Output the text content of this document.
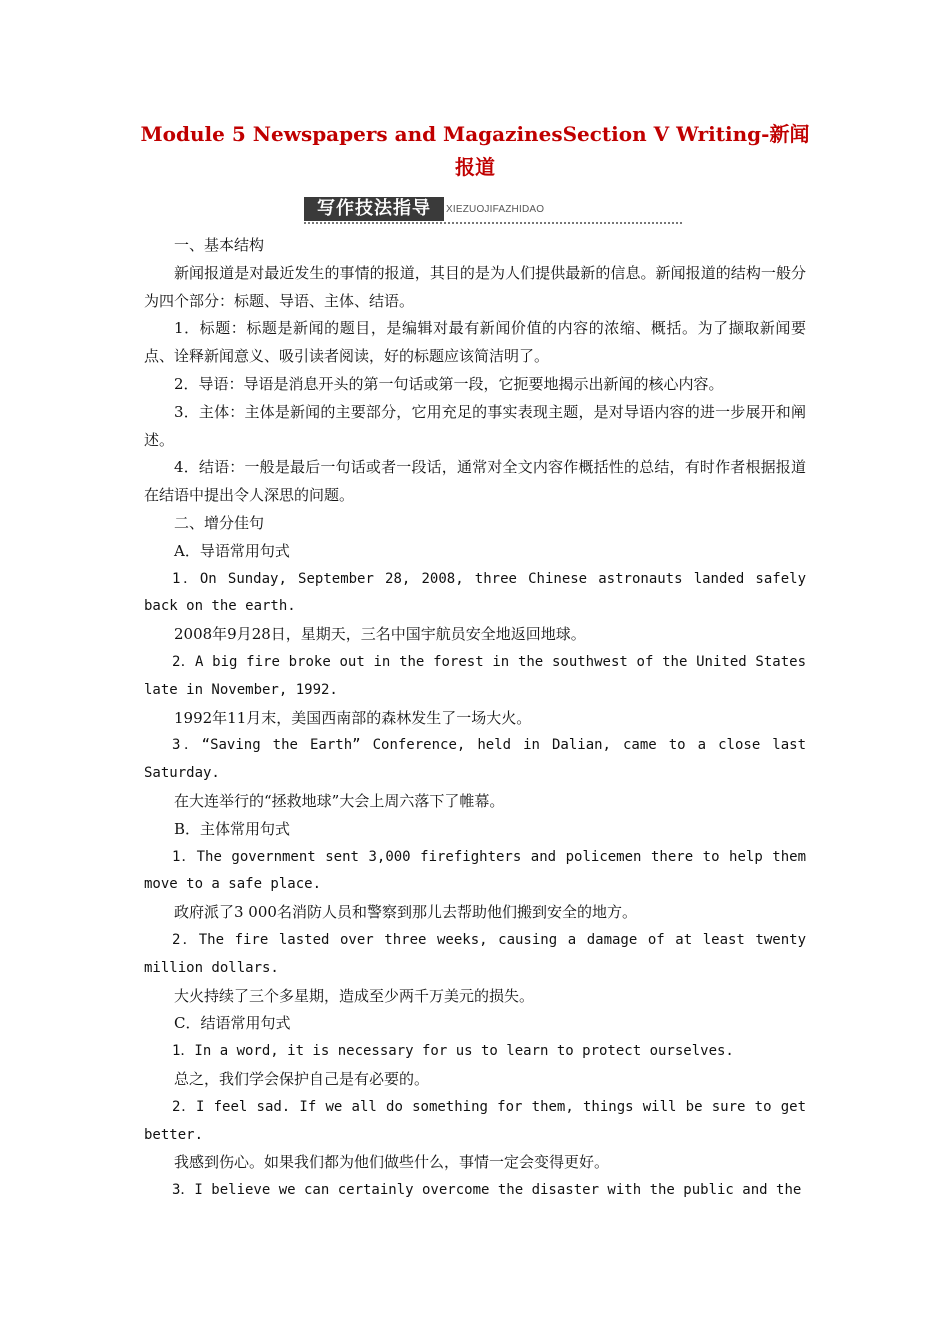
Module 5 Newspapers and MagazinesSection Ⅴ Writing-新闻报道
写作技法指导	XIEZUOJIFAZHIDAO

一、基本结构

新闻报道是对最近发生的事情的报道，其目的是为人们提供最新的信息。新闻报道的结构一般分为四个部分：标题、导语、主体、结语。

1．标题：标题是新闻的题目，是编辑对最有新闻价值的内容的浓缩、概括。为了撷取新闻要点、诠释新闻意义、吸引读者阅读，好的标题应该简洁明了。

2．导语：导语是消息开头的第一句话或第一段，它扼要地揭示出新闻的核心内容。

3．主体：主体是新闻的主要部分，它用充足的事实表现主题，是对导语内容的进一步展开和阐述。

4．结语：一般是最后一句话或者一段话，通常对全文内容作概括性的总结，有时作者根据报道在结语中提出令人深思的问题。

二、增分佳句

A．导语常用句式

1．On Sunday, September 28, 2008, three Chinese astronauts landed safely back on the earth.

2008年9月28日，星期天，三名中国宇航员安全地返回地球。

2．A big fire broke out in the forest in the southwest of the United States late in November, 1992.

1992年11月末，美国西南部的森林发生了一场大火。

3．“Saving the Earth” Conference, held in Dalian, came to a close last Saturday.

在大连举行的“拯救地球”大会上周六落下了帷幕。

B．主体常用句式

1．The government sent 3,000 firefighters and policemen there to help them move to a safe place.

政府派了3 000名消防人员和警察到那儿去帮助他们搬到安全的地方。

2．The fire lasted over three weeks, causing a damage of at least twenty million dollars.

大火持续了三个多星期，造成至少两千万美元的损失。

C．结语常用句式

1．In a word, it is necessary for us to learn to protect ourselves.

总之，我们学会保护自己是有必要的。

2．I feel sad. If we all do something for them, things will be sure to get better.

我感到伤心。如果我们都为他们做些什么，事情一定会变得更好。

3．I believe we can certainly overcome the disaster with the public and the
